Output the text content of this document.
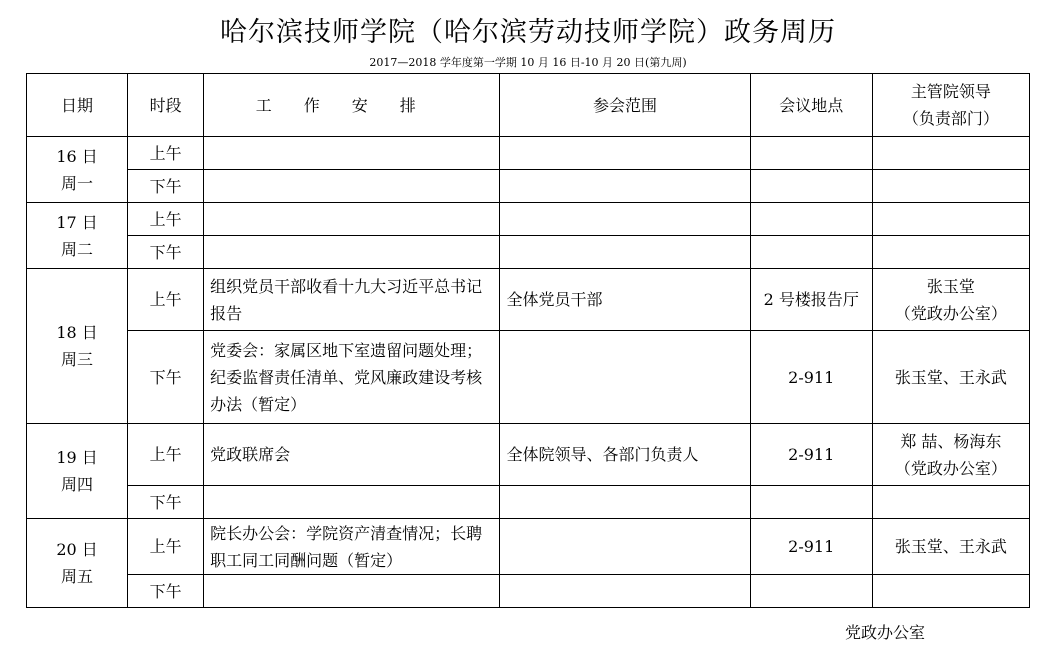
哈尔滨技师学院（哈尔滨劳动技师学院）政务周历
2017—2018 学年度第一学期 10 月 16 日-10 月 20 日(第九周)
日期	时段	工作安排	参会范围	会议地点	主管院领导
（负责部门）

16 日
周一	上午				
	下午				

17 日
周二	上午				
	下午				

18 日
周三	上午	组织党员干部收看十九大习近平总书记报告	全体党员干部	2 号楼报告厅	张玉堂
（党政办公室）

	下午	党委会：家属区地下室遗留问题处理；纪委监督责任清单、党风廉政建设考核办法（暂定）		2-911	张玉堂、王永武

19 日
周四	上午	党政联席会	全体院领导、各部门负责人	2-911	郑 喆、杨海东
（党政办公室）

	下午				

20 日
周五	上午	院长办公会：学院资产清查情况；长聘职工同工同酬问题（暂定）		2-911	张玉堂、王永武
	下午				
党政办公室
